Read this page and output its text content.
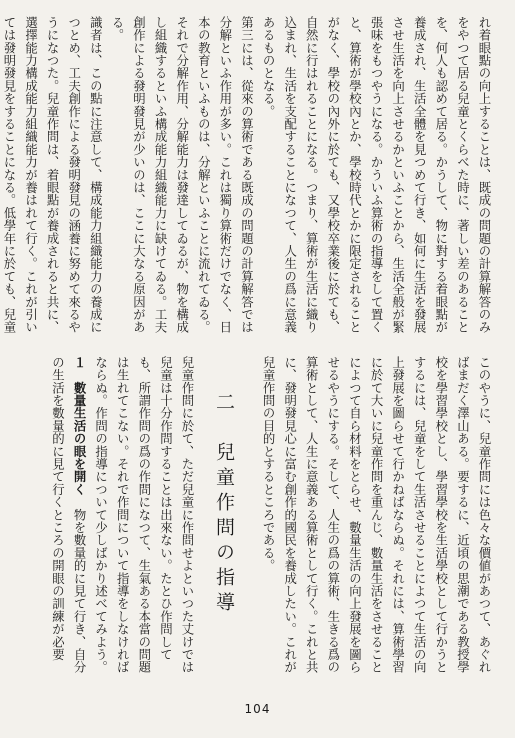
れ着眼點の向上することは、既成の問題の計算解答のみをやつて居る兒童とくらべた時に、著しい差のあることを、何人も認めて居る。かうして、物に對する着眼點が養成され、生活全體を見つめて行き、如何に生活を發展させ生活を向上させるかといふことから、生活全般が緊張味をもつやうになる。かういふ算術の指導をして置くと、算術が學校內とか、學校時代とかに限定されることがなく、學校の內外に於ても、又學校卒業後に於ても、自然に行はれることになる。つまり、算術が生活に織り込まれ、生活を支配することになつて、人生の爲に意義あるものとなる。

第三には、從來の算術である既成の問題の計算解答では分解といふ作用が多い。これは獨り算術だけでなく、日本の教育といふものは、分解といふことに流れてゐる。それで分解作用、分解能力は發達してゐるが、物を構成し組織するといふ構成能力組織能力に缺けてゐる。工夫創作による發明發見が少いのは、ここに大なる原因がある。

識者は、この點に注意して、構成能力組織能力の養成につとめ、工夫創作による發明發見の涵養に努めて來るやうになつた。兒童作問は、着眼點が養成されると共に、選擇能力構成能力組織能力が養はれて行く。これが引いては發明發見をすることになる。低學年に於ても、兒童

このやうに、兒童作問には色々な價値があつて、あぐればまだく澤山ある。要するに、近頃の思潮である教授學校を學習學校とし、學習學校を生活學校として行かうとするには、兒童をして生活させることによつて生活の向上發展を圖らせて行かねばならぬ。それには、算術學習に於て大いに兒童作問を重んじ、數量生活をさせることによつて自ら材料をとらせ、數量生活の向上發展を圖らせるやうにする。そして、人生の爲の算術、生きる爲の算術として、人生に意義ある算術として行く。これと共に、發明發見心に富む創作的國民を養成したい。これが兒童作問の目的とするところである。

二　兒童作問の指導

兒童作問に於て、ただ兒童に作問せよといつた丈けでは兒童は十分作問することは出來ない。たとひ作問しても、所謂作問の爲の作問になつて、生氣ある本當の問題は生れてこない。それで作問について指導をしなければならぬ。作問の指導について少しばかり述べてみよう。

１　數量生活の眼を開く　物を數量的に見て行き、自分の生活を數量的に見て行くところの開眼の訓練が必要

104
